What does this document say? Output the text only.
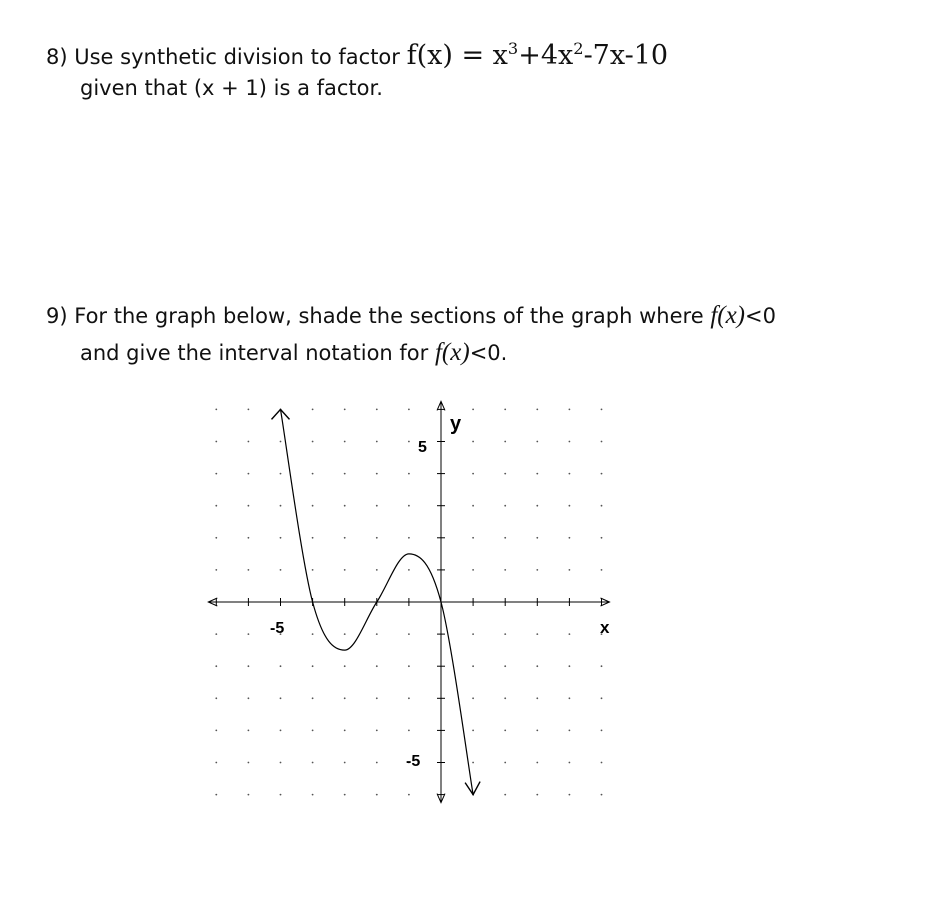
8) Use synthetic division to factor $f(x) = x^3+4x^2-7x-10$
given that (x + 1) is a factor.
9) For the graph below, shade the sections of the graph where f(x)<0
and give the interval notation for f(x)<0.
x
y
-5
5
-5
